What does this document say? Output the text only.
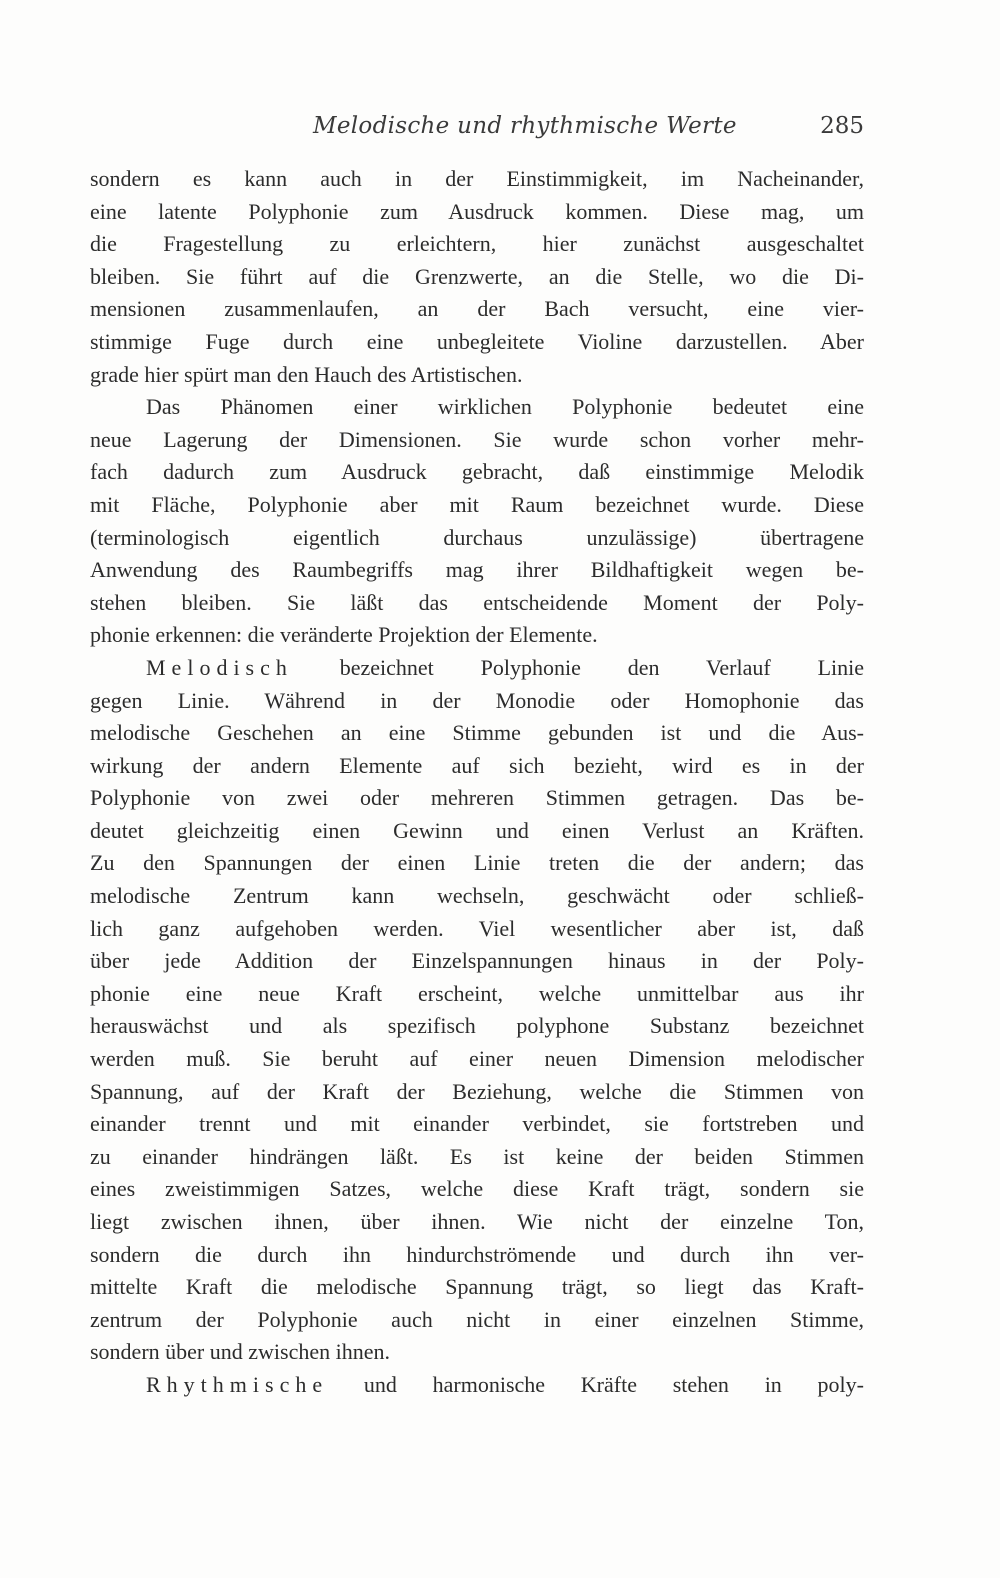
Melodische und rhythmische Werte	285
sondern es kann auch in der Einstimmigkeit, im Nacheinander,
eine latente Polyphonie zum Ausdruck kommen. Diese mag, um
die Fragestellung zu erleichtern, hier zunächst ausgeschaltet
bleiben. Sie führt auf die Grenzwerte, an die Stelle, wo die Di-
mensionen zusammenlaufen, an der Bach versucht, eine vier-
stimmige Fuge durch eine unbegleitete Violine darzustellen. Aber
grade hier spürt man den Hauch des Artistischen.
Das Phänomen einer wirklichen Polyphonie bedeutet eine
neue Lagerung der Dimensionen. Sie wurde schon vorher mehr-
fach dadurch zum Ausdruck gebracht, daß einstimmige Melodik
mit Fläche, Polyphonie aber mit Raum bezeichnet wurde. Diese
(terminologisch eigentlich durchaus unzulässige) übertragene
Anwendung des Raumbegriffs mag ihrer Bildhaftigkeit wegen be-
stehen bleiben. Sie läßt das entscheidende Moment der Poly-
phonie erkennen: die veränderte Projektion der Elemente.
Melodisch bezeichnet Polyphonie den Verlauf Linie
gegen Linie. Während in der Monodie oder Homophonie das
melodische Geschehen an eine Stimme gebunden ist und die Aus-
wirkung der andern Elemente auf sich bezieht, wird es in der
Polyphonie von zwei oder mehreren Stimmen getragen. Das be-
deutet gleichzeitig einen Gewinn und einen Verlust an Kräften.
Zu den Spannungen der einen Linie treten die der andern; das
melodische Zentrum kann wechseln, geschwächt oder schließ-
lich ganz aufgehoben werden. Viel wesentlicher aber ist, daß
über jede Addition der Einzelspannungen hinaus in der Poly-
phonie eine neue Kraft erscheint, welche unmittelbar aus ihr
herauswächst und als spezifisch polyphone Substanz bezeichnet
werden muß. Sie beruht auf einer neuen Dimension melodischer
Spannung, auf der Kraft der Beziehung, welche die Stimmen von
einander trennt und mit einander verbindet, sie fortstreben und
zu einander hindrängen läßt. Es ist keine der beiden Stimmen
eines zweistimmigen Satzes, welche diese Kraft trägt, sondern sie
liegt zwischen ihnen, über ihnen. Wie nicht der einzelne Ton,
sondern die durch ihn hindurchströmende und durch ihn ver-
mittelte Kraft die melodische Spannung trägt, so liegt das Kraft-
zentrum der Polyphonie auch nicht in einer einzelnen Stimme,
sondern über und zwischen ihnen.
Rhythmische und harmonische Kräfte stehen in poly-
